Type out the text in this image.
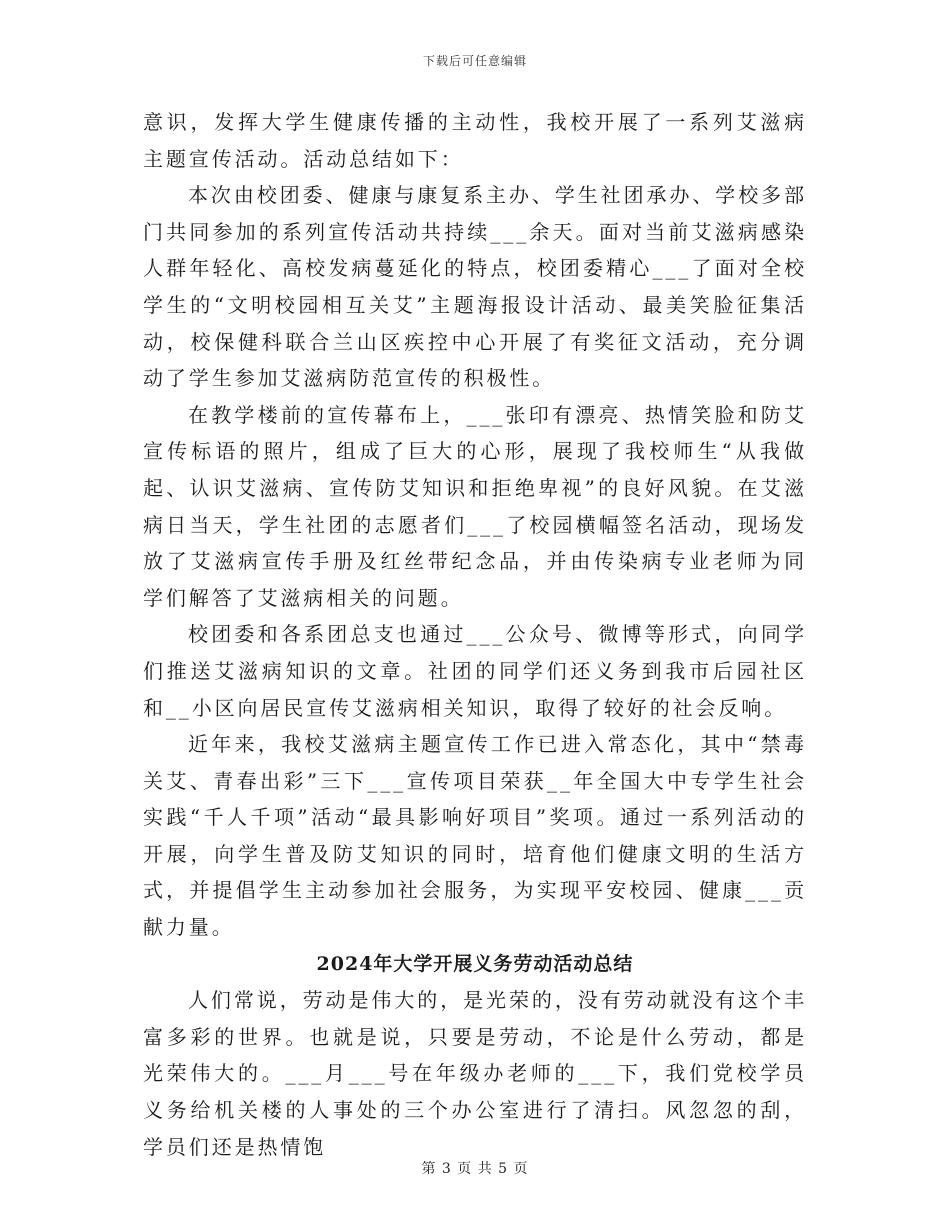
下载后可任意编辑

意识，发挥大学生健康传播的主动性，我校开展了一系列艾滋病主题宣传活动。活动总结如下：

本次由校团委、健康与康复系主办、学生社团承办、学校多部门共同参加的系列宣传活动共持续___余天。面对当前艾滋病感染人群年轻化、高校发病蔓延化的特点，校团委精心___了面对全校学生的“文明校园相互关艾”主题海报设计活动、最美笑脸征集活动，校保健科联合兰山区疾控中心开展了有奖征文活动，充分调动了学生参加艾滋病防范宣传的积极性。

在教学楼前的宣传幕布上，___张印有漂亮、热情笑脸和防艾宣传标语的照片，组成了巨大的心形，展现了我校师生“从我做起、认识艾滋病、宣传防艾知识和拒绝卑视”的良好风貌。在艾滋病日当天，学生社团的志愿者们___了校园横幅签名活动，现场发放了艾滋病宣传手册及红丝带纪念品，并由传染病专业老师为同学们解答了艾滋病相关的问题。

校团委和各系团总支也通过___公众号、微博等形式，向同学们推送艾滋病知识的文章。社团的同学们还义务到我市后园社区和__小区向居民宣传艾滋病相关知识，取得了较好的社会反响。

近年来，我校艾滋病主题宣传工作已进入常态化，其中“禁毒关艾、青春出彩”三下___宣传项目荣获__年全国大中专学生社会实践“千人千项”活动“最具影响好项目”奖项。通过一系列活动的开展，向学生普及防艾知识的同时，培育他们健康文明的生活方式，并提倡学生主动参加社会服务，为实现平安校园、健康___贡献力量。

2024年大学开展义务劳动活动总结

人们常说，劳动是伟大的，是光荣的，没有劳动就没有这个丰富多彩的世界。也就是说，只要是劳动，不论是什么劳动，都是光荣伟大的。___月___号在年级办老师的___下，我们党校学员义务给机关楼的人事处的三个办公室进行了清扫。风忽忽的刮，学员们还是热情饱

第 3 页 共 5 页
